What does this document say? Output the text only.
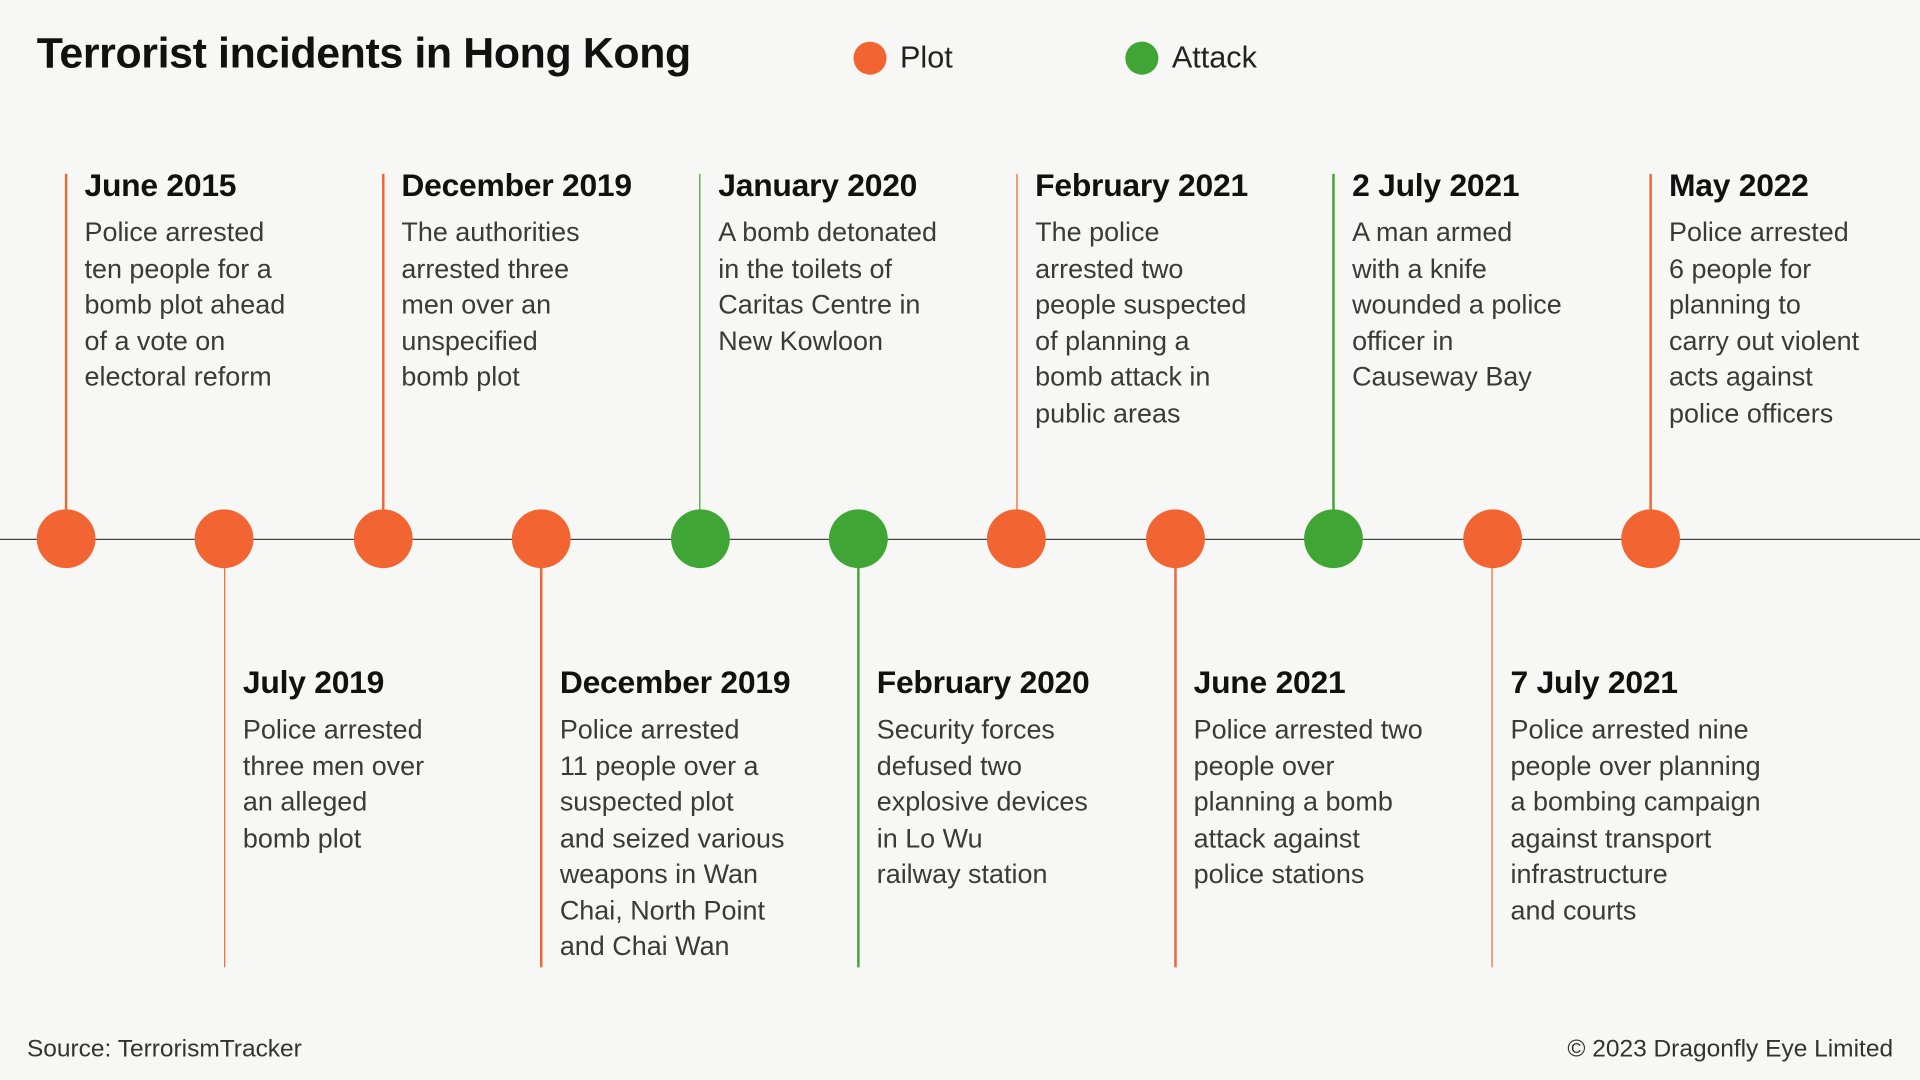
Terrorist incidents in Hong Kong	Plot	Attack
June 2015
Police arrested
ten people for a
bomb plot ahead
of a vote on
electoral reform
July 2019
Police arrested
three men over
an alleged
bomb plot
December 2019
The authorities
arrested three
men over an
unspecified
bomb plot
December 2019
Police arrested
11 people over a
suspected plot
and seized various
weapons in Wan
Chai, North Point
and Chai Wan
January 2020
A bomb detonated
in the toilets of
Caritas Centre in
New Kowloon
February 2020
Security forces
defused two
explosive devices
in Lo Wu
railway station
February 2021
The police
arrested two
people suspected
of planning a
bomb attack in
public areas
June 2021
Police arrested two
people over
planning a bomb
attack against
police stations
2 July 2021
A man armed
with a knife
wounded a police
officer in
Causeway Bay
7 July 2021
Police arrested nine
people over planning
a bombing campaign
against transport
infrastructure
and courts
May 2022
Police arrested
6 people for
planning to
carry out violent
acts against
police officers
Source: TerrorismTracker	© 2023 Dragonfly Eye Limited
